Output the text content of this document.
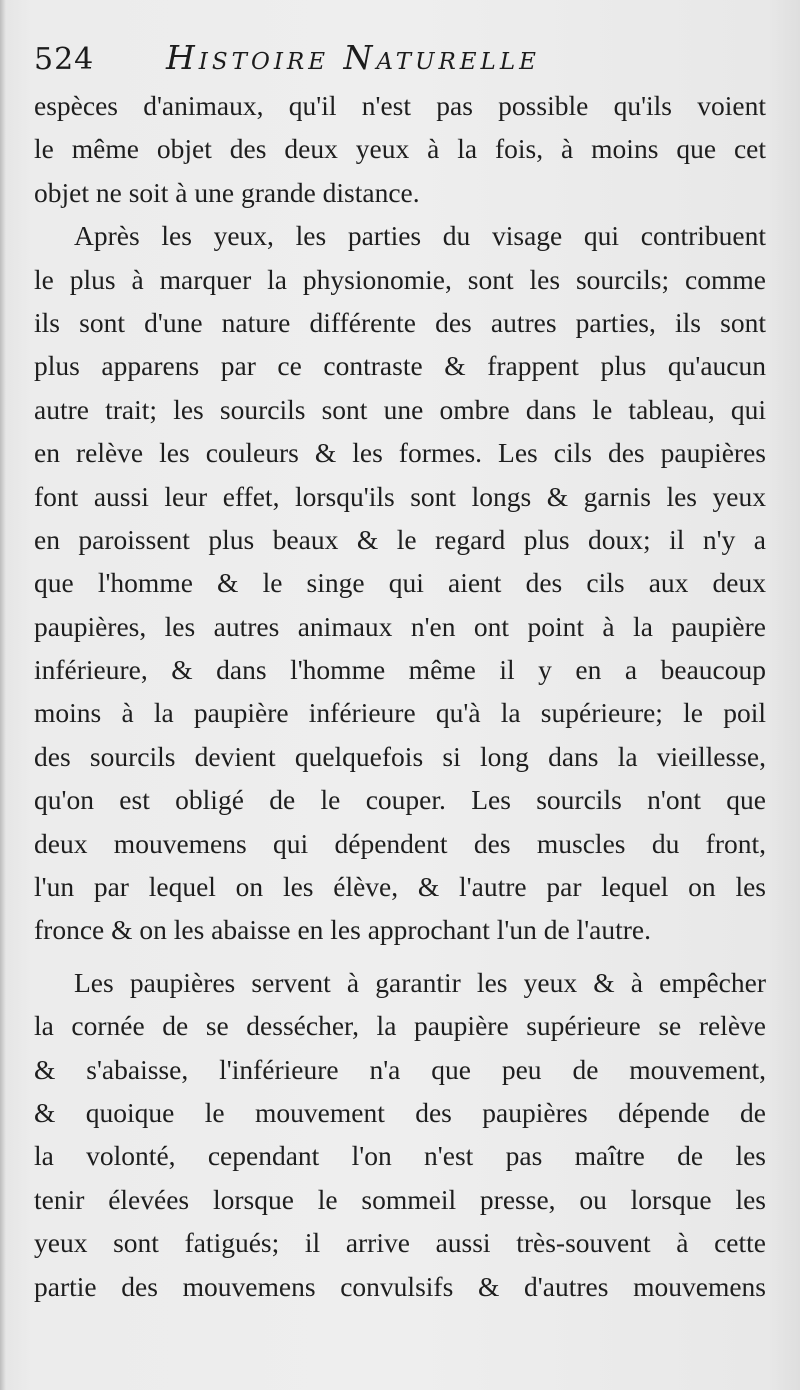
524 Histoire Naturelle
espèces d'animaux, qu'il n'est pas possible qu'ils voient
le même objet des deux yeux à la fois, à moins que cet
objet ne soit à une grande distance.
Après les yeux, les parties du visage qui contribuent
le plus à marquer la physionomie, sont les sourcils; comme
ils sont d'une nature différente des autres parties, ils sont
plus apparens par ce contraste & frappent plus qu'aucun
autre trait; les sourcils sont une ombre dans le tableau, qui
en relève les couleurs & les formes. Les cils des paupières
font aussi leur effet, lorsqu'ils sont longs & garnis les yeux
en paroissent plus beaux & le regard plus doux; il n'y a
que l'homme & le singe qui aient des cils aux deux
paupières, les autres animaux n'en ont point à la paupière
inférieure, & dans l'homme même il y en a beaucoup
moins à la paupière inférieure qu'à la supérieure; le poil
des sourcils devient quelquefois si long dans la vieillesse,
qu'on est obligé de le couper. Les sourcils n'ont que
deux mouvemens qui dépendent des muscles du front,
l'un par lequel on les élève, & l'autre par lequel on les
fronce & on les abaisse en les approchant l'un de l'autre.
Les paupières servent à garantir les yeux & à empêcher
la cornée de se dessécher, la paupière supérieure se relève
& s'abaisse, l'inférieure n'a que peu de mouvement,
& quoique le mouvement des paupières dépende de
la volonté, cependant l'on n'est pas maître de les
tenir élevées lorsque le sommeil presse, ou lorsque les
yeux sont fatigués; il arrive aussi très-souvent à cette
partie des mouvemens convulsifs & d'autres mouvemens
